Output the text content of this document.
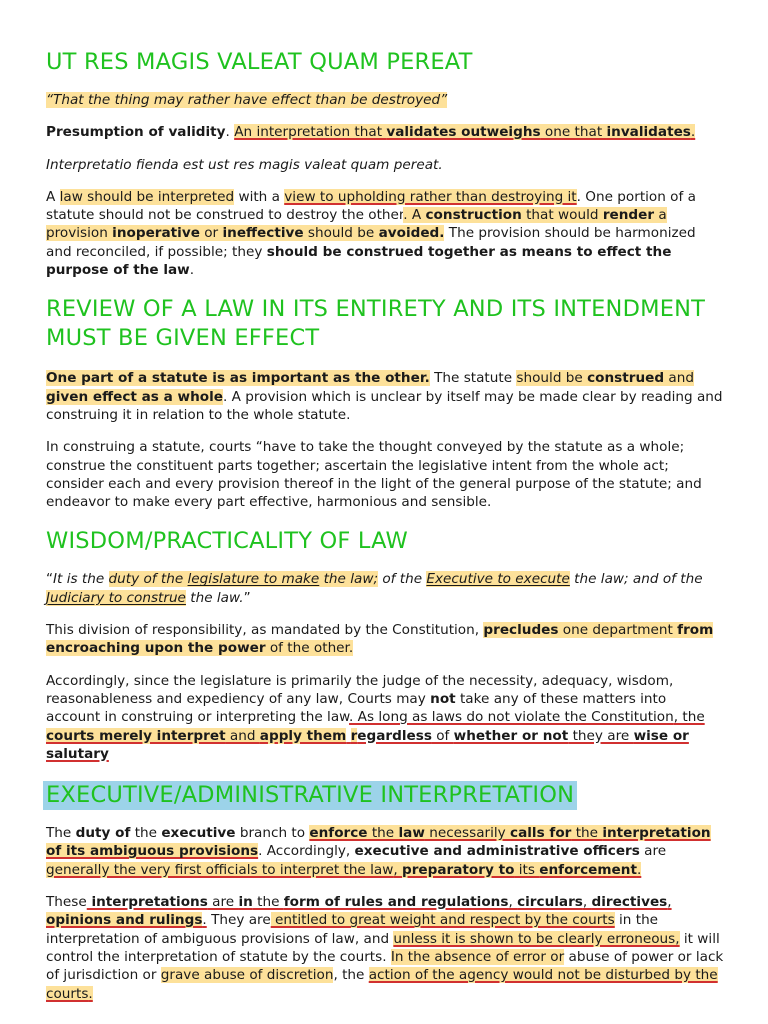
UT RES MAGIS VALEAT QUAM PEREAT

“That the thing may rather have effect than be destroyed”

Presumption of validity. An interpretation that validates outweighs one that invalidates.

Interpretatio fienda est ust res magis valeat quam pereat.

A law should be interpreted with a view to upholding rather than destroying it. One portion of a statute should not be construed to destroy the other. A construction that would render a provision inoperative or ineffective should be avoided. The provision should be harmonized and reconciled, if possible; they should be construed together as means to effect the purpose of the law.

REVIEW OF A LAW IN ITS ENTIRETY AND ITS INTENDMENT MUST BE GIVEN EFFECT

One part of a statute is as important as the other. The statute should be construed and given effect as a whole. A provision which is unclear by itself may be made clear by reading and construing it in relation to the whole statute.

In construing a statute, courts “have to take the thought conveyed by the statute as a whole; construe the constituent parts together; ascertain the legislative intent from the whole act; consider each and every provision thereof in the light of the general purpose of the statute; and endeavor to make every part effective, harmonious and sensible.

WISDOM/PRACTICALITY OF LAW

“It is the duty of the legislature to make the law; of the Executive to execute the law; and of the Judiciary to construe the law.”

This division of responsibility, as mandated by the Constitution, precludes one department from encroaching upon the power of the other.

Accordingly, since the legislature is primarily the judge of the necessity, adequacy, wisdom, reasonableness and expediency of any law, Courts may not take any of these matters into account in construing or interpreting the law. As long as laws do not violate the Constitution, the courts merely interpret and apply them regardless of whether or not they are wise or salutary

EXECUTIVE/ADMINISTRATIVE INTERPRETATION

The duty of the executive branch to enforce the law necessarily calls for the interpretation of its ambiguous provisions. Accordingly, executive and administrative officers are generally the very first officials to interpret the law, preparatory to its enforcement.

These interpretations are in the form of rules and regulations, circulars, directives, opinions and rulings. They are entitled to great weight and respect by the courts in the interpretation of ambiguous provisions of law, and unless it is shown to be clearly erroneous, it will control the interpretation of statute by the courts. In the absence of error or abuse of power or lack of jurisdiction or grave abuse of discretion, the action of the agency would not be disturbed by the courts.
